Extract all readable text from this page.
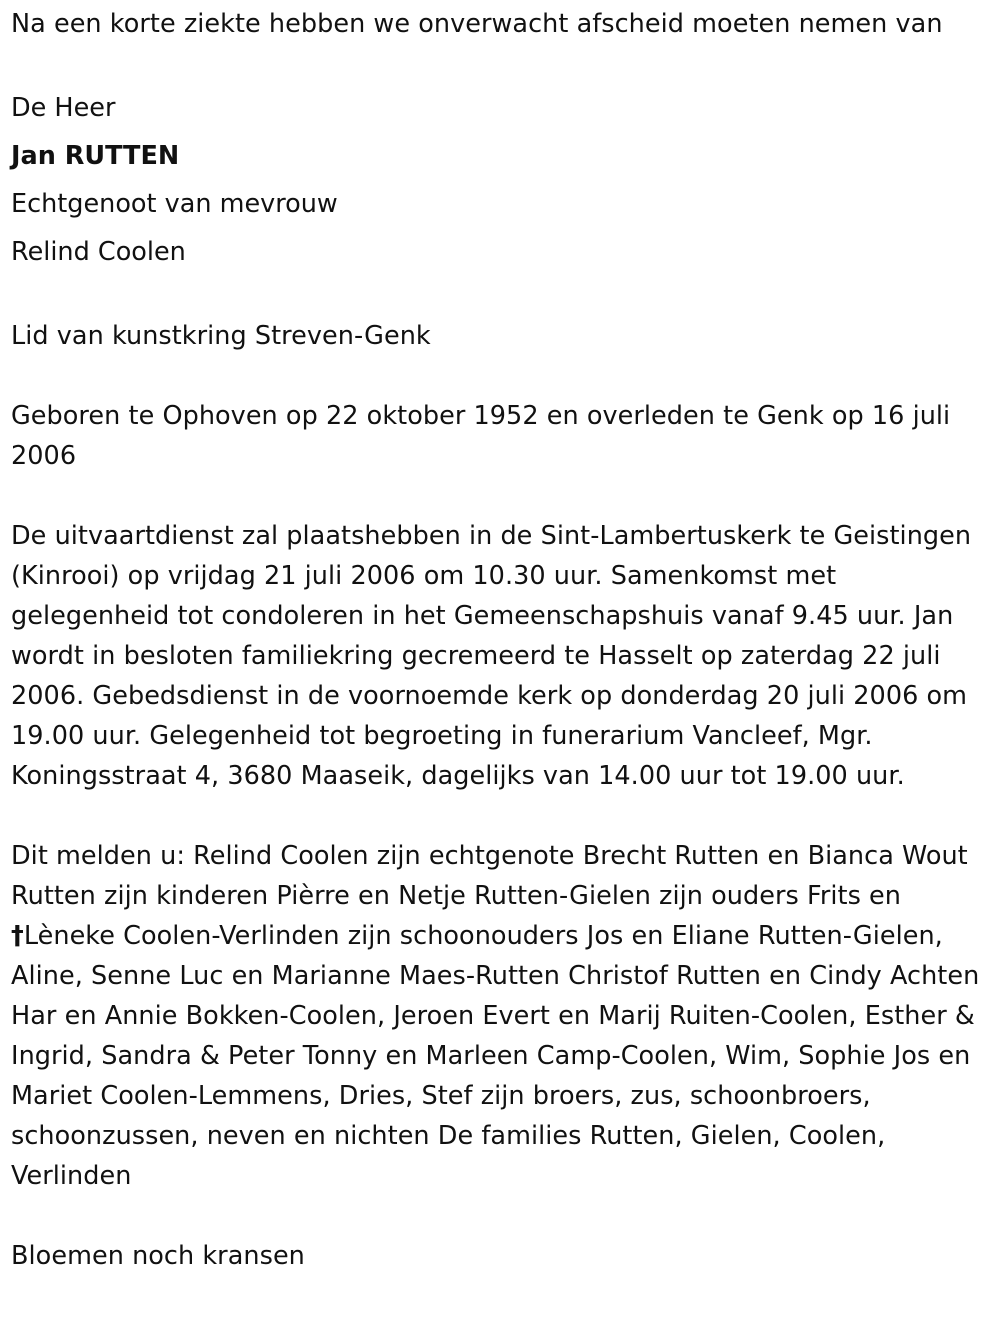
Na een korte ziekte hebben we onverwacht afscheid moeten nemen van

De Heer

Jan RUTTEN

Echtgenoot van mevrouw

Relind Coolen

Lid van kunstkring Streven-Genk

Geboren te Ophoven op 22 oktober 1952 en overleden te Genk op 16 juli 2006

De uitvaartdienst zal plaatshebben in de Sint-Lambertuskerk te Geistingen (Kinrooi) op vrijdag 21 juli 2006 om 10.30 uur. Samenkomst met gelegenheid tot condoleren in het Gemeenschapshuis vanaf 9.45 uur. Jan wordt in besloten familiekring gecremeerd te Hasselt op zaterdag 22 juli 2006. Gebedsdienst in de voornoemde kerk op donderdag 20 juli 2006 om 19.00 uur. Gelegenheid tot begroeting in funerarium Vancleef, Mgr. Koningsstraat 4, 3680 Maaseik, dagelijks van 14.00 uur tot 19.00 uur.

Dit melden u: Relind Coolen zijn echtgenote Brecht Rutten en Bianca Wout Rutten zijn kinderen Pièrre en Netje Rutten-Gielen zijn ouders Frits en †Lèneke Coolen-Verlinden zijn schoonouders Jos en Eliane Rutten-Gielen, Aline, Senne Luc en Marianne Maes-Rutten Christof Rutten en Cindy Achten Har en Annie Bokken-Coolen, Jeroen Evert en Marij Ruiten-Coolen, Esther & Ingrid, Sandra & Peter Tonny en Marleen Camp-Coolen, Wim, Sophie Jos en Mariet Coolen-Lemmens, Dries, Stef zijn broers, zus, schoonbroers, schoonzussen, neven en nichten De families Rutten, Gielen, Coolen, Verlinden

Bloemen noch kransen
